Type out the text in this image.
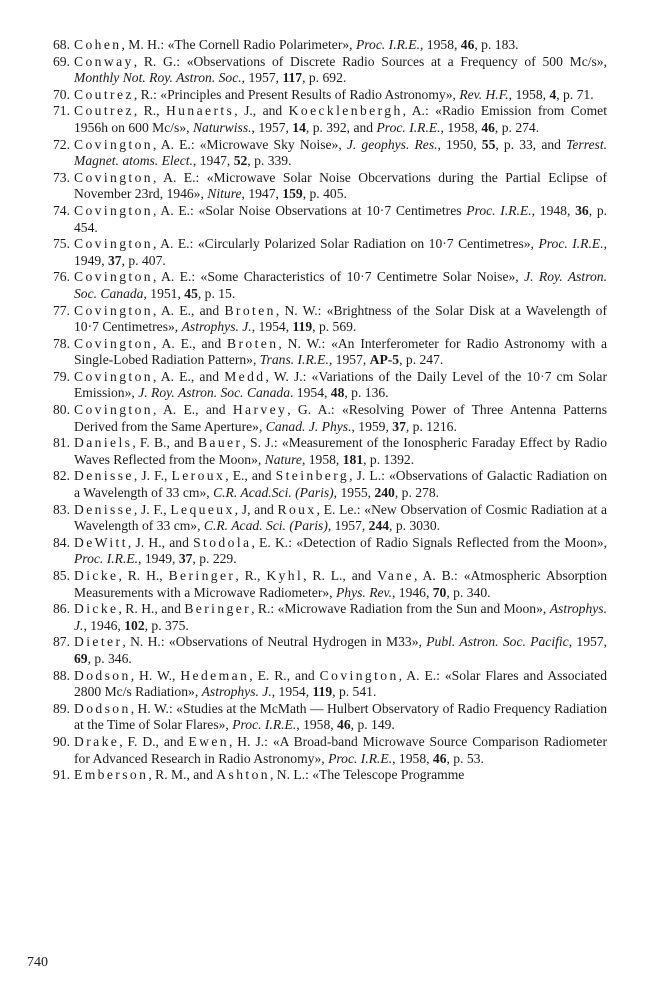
68. Cohen, M. H.: «The Cornell Radio Polarimeter», Proc. I.R.E., 1958, 46, p. 183.

69. Conway, R. G.: «Observations of Discrete Radio Sources at a Frequency of 500 Mc/s», Monthly Not. Roy. Astron. Soc., 1957, 117, p. 692.

70. Coutrez, R.: «Principles and Present Results of Radio Astronomy», Rev. H.F., 1958, 4, p. 71.

71. Coutrez, R., Hunaerts, J., and Koecklenbergh, A.: «Radio Emission from Comet 1956h on 600 Mc/s», Naturwiss., 1957, 14, p. 392, and Proc. I.R.E., 1958, 46, p. 274.

72. Covington, A. E.: «Microwave Sky Noise», J. geophys. Res., 1950, 55, p. 33, and Terrest. Magnet. atoms. Elect., 1947, 52, p. 339.

73. Covington, A. E.: «Microwave Solar Noise Obcervations during the Partial Eclipse of November 23rd, 1946», Niture, 1947, 159, p. 405.

74. Covington, A. E.: «Solar Noise Observations at 10·7 Centimetres Proc. I.R.E., 1948, 36, p. 454.

75. Covington, A. E.: «Circularly Polarized Solar Radiation on 10·7 Centimetres», Proc. I.R.E., 1949, 37, p. 407.

76. Covington, A. E.: «Some Characteristics of 10·7 Centimetre Solar Noise», J. Roy. Astron. Soc. Canada, 1951, 45, p. 15.

77. Covington, A. E., and Broten, N. W.: «Brightness of the Solar Disk at a Wavelength of 10·7 Centimetres», Astrophys. J., 1954, 119, p. 569.

78. Covington, A. E., and Broten, N. W.: «An Interferometer for Radio Astronomy with a Single-Lobed Radiation Pattern», Trans. I.R.E., 1957, AP-5, p. 247.

79. Covington, A. E., and Medd, W. J.: «Variations of the Daily Level of the 10·7 cm Solar Emission», J. Roy. Astron. Soc. Canada. 1954, 48, p. 136.

80. Covington, A. E., and Harvey, G. A.: «Resolving Power of Three Antenna Patterns Derived from the Same Aperture», Canad. J. Phys., 1959, 37, p. 1216.

81. Daniels, F. B., and Bauer, S. J.: «Measurement of the Ionospheric Faraday Effect by Radio Waves Reflected from the Moon», Nature, 1958, 181, p. 1392.

82. Denisse, J. F., Leroux, E., and Steinberg, J. L.: «Observations of Galactic Radiation on a Wavelength of 33 cm», C.R. Acad.Sci. (Paris), 1955, 240, p. 278.

83. Denisse, J. F., Lequeux, J, and Roux, E. Le.: «New Observation of Cosmic Radiation at a Wavelength of 33 cm», C.R. Acad. Sci. (Paris), 1957, 244, p. 3030.

84. DeWitt, J. H., and Stodola, E. K.: «Detection of Radio Signals Reflected from the Moon», Proc. I.R.E., 1949, 37, p. 229.

85. Dicke, R. H., Beringer, R., Kyhl, R. L., and Vane, A. B.: «Atmospheric Absorption Measurements with a Microwave Radiometer», Phys. Rev., 1946, 70, p. 340.

86. Dicke, R. H., and Beringer, R.: «Microwave Radiation from the Sun and Moon», Astrophys. J., 1946, 102, p. 375.

87. Dieter, N. H.: «Observations of Neutral Hydrogen in M33», Publ. Astron. Soc. Pacific, 1957, 69, p. 346.

88. Dodson, H. W., Hedeman, E. R., and Covington, A. E.: «Solar Flares and Associated 2800 Mc/s Radiation», Astrophys. J., 1954, 119, p. 541.

89. Dodson, H. W.: «Studies at the McMath — Hulbert Observatory of Radio Frequency Radiation at the Time of Solar Flares», Proc. I.R.E., 1958, 46, p. 149.

90. Drake, F. D., and Ewen, H. J.: «A Broad-band Microwave Source Comparison Radiometer for Advanced Research in Radio Astronomy», Proc. I.R.E., 1958, 46, p. 53.

91. Emberson, R. M., and Ashton, N. L.: «The Telescope Programme

740
